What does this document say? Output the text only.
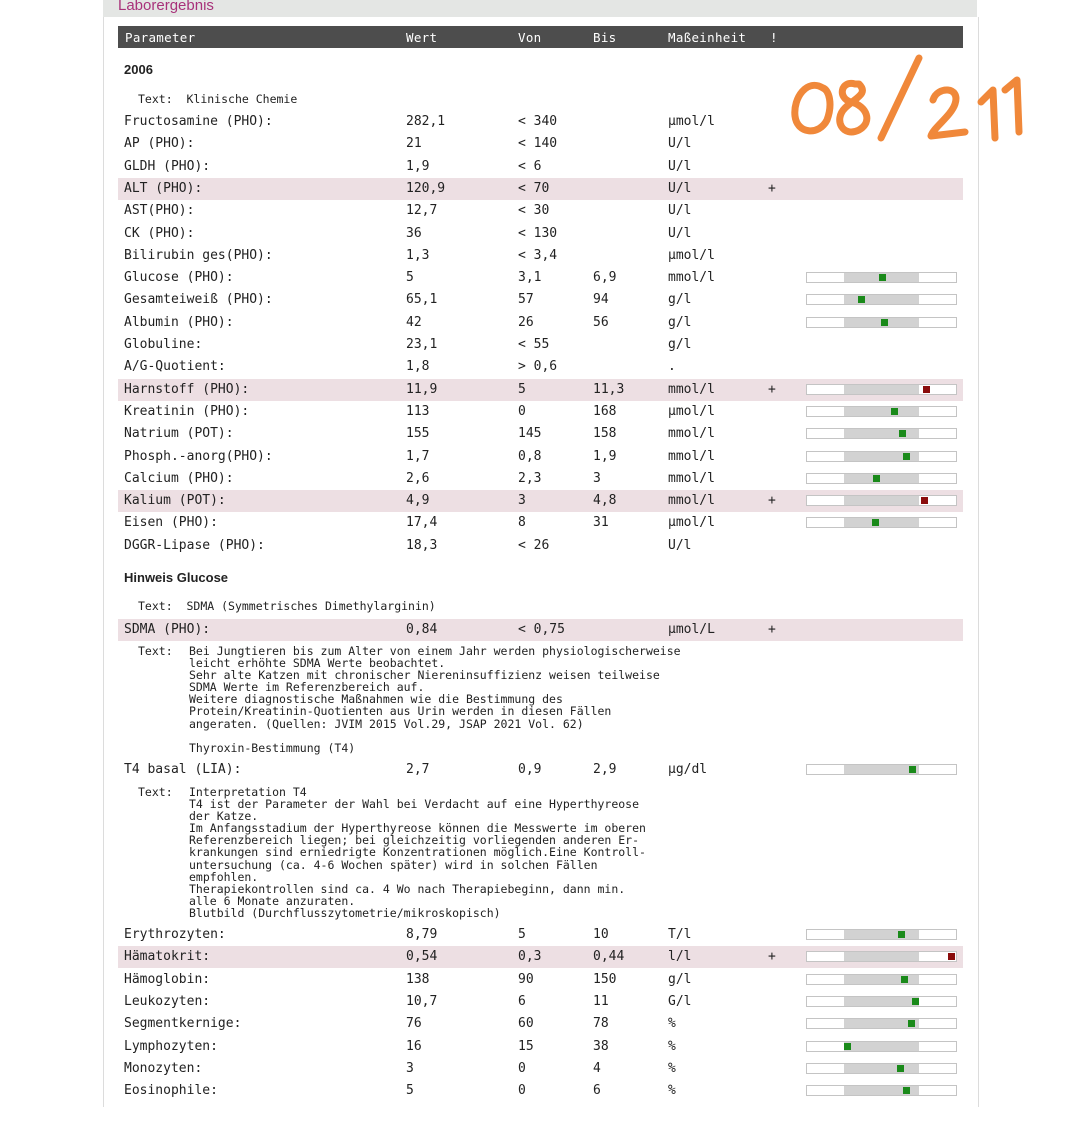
Laborergebnis
Parameter	Wert	Von	Bis	Maßeinheit !
2006
Text: Klinische Chemie
Fructosamine (PHO):	282,1	< 340	µmol/l
AP (PHO):	21	< 140	U/l
GLDH (PHO):	1,9	< 6	U/l
ALT (PHO):	120,9	< 70	U/l	+
AST(PHO):	12,7	< 30	U/l
CK (PHO):	36	< 130	U/l
Bilirubin ges(PHO):	1,3	< 3,4	µmol/l
Glucose (PHO):	5	3,1	6,9	mmol/l
Gesamteiweiß (PHO):	65,1	57	94	g/l
Albumin (PHO):	42	26	56	g/l
Globuline:	23,1	< 55	g/l
A/G-Quotient:	1,8	> 0,6	.
Harnstoff (PHO):	11,9	5	11,3	mmol/l	+
Kreatinin (PHO):	113	0	168	µmol/l
Natrium (POT):	155	145	158	mmol/l
Phosph.-anorg(PHO):	1,7	0,8	1,9	mmol/l
Calcium (PHO):	2,6	2,3	3	mmol/l
Kalium (POT):	4,9	3	4,8	mmol/l	+
Eisen (PHO):	17,4	8	31	µmol/l
DGGR-Lipase (PHO):	18,3	< 26	U/l
Hinweis Glucose
Text: SDMA (Symmetrisches Dimethylarginin)
SDMA (PHO):	0,84	< 0,75	µmol/L	+
Text: Bei Jungtieren bis zum Alter von einem Jahr werden physiologischerweise
leicht erhöhte SDMA Werte beobachtet.
Sehr alte Katzen mit chronischer Niereninsuffizienz weisen teilweise
SDMA Werte im Referenzbereich auf.
Weitere diagnostische Maßnahmen wie die Bestimmung des
Protein/Kreatinin-Quotienten aus Urin werden in diesen Fällen
angeraten. (Quellen: JVIM 2015 Vol.29, JSAP 2021 Vol. 62)

Thyroxin-Bestimmung (T4)
T4 basal (LIA):	2,7	0,9	2,9	µg/dl
Text: Interpretation T4
T4 ist der Parameter der Wahl bei Verdacht auf eine Hyperthyreose
der Katze.
Im Anfangsstadium der Hyperthyreose können die Messwerte im oberen
Referenzbereich liegen; bei gleichzeitig vorliegenden anderen Er-
krankungen sind erniedrigte Konzentrationen möglich.Eine Kontroll-
untersuchung (ca. 4-6 Wochen später) wird in solchen Fällen
empfohlen.
Therapiekontrollen sind ca. 4 Wo nach Therapiebeginn, dann min.
alle 6 Monate anzuraten.
Blutbild (Durchflusszytometrie/mikroskopisch)
Erythrozyten:	8,79	5	10	T/l
Hämatokrit:	0,54	0,3	0,44	l/l	+
Hämoglobin:	138	90	150	g/l
Leukozyten:	10,7	6	11	G/l
Segmentkernige:	76	60	78	%
Lymphozyten:	16	15	38	%
Monozyten:	3	0	4	%
Eosinophile:	5	0	6	%
